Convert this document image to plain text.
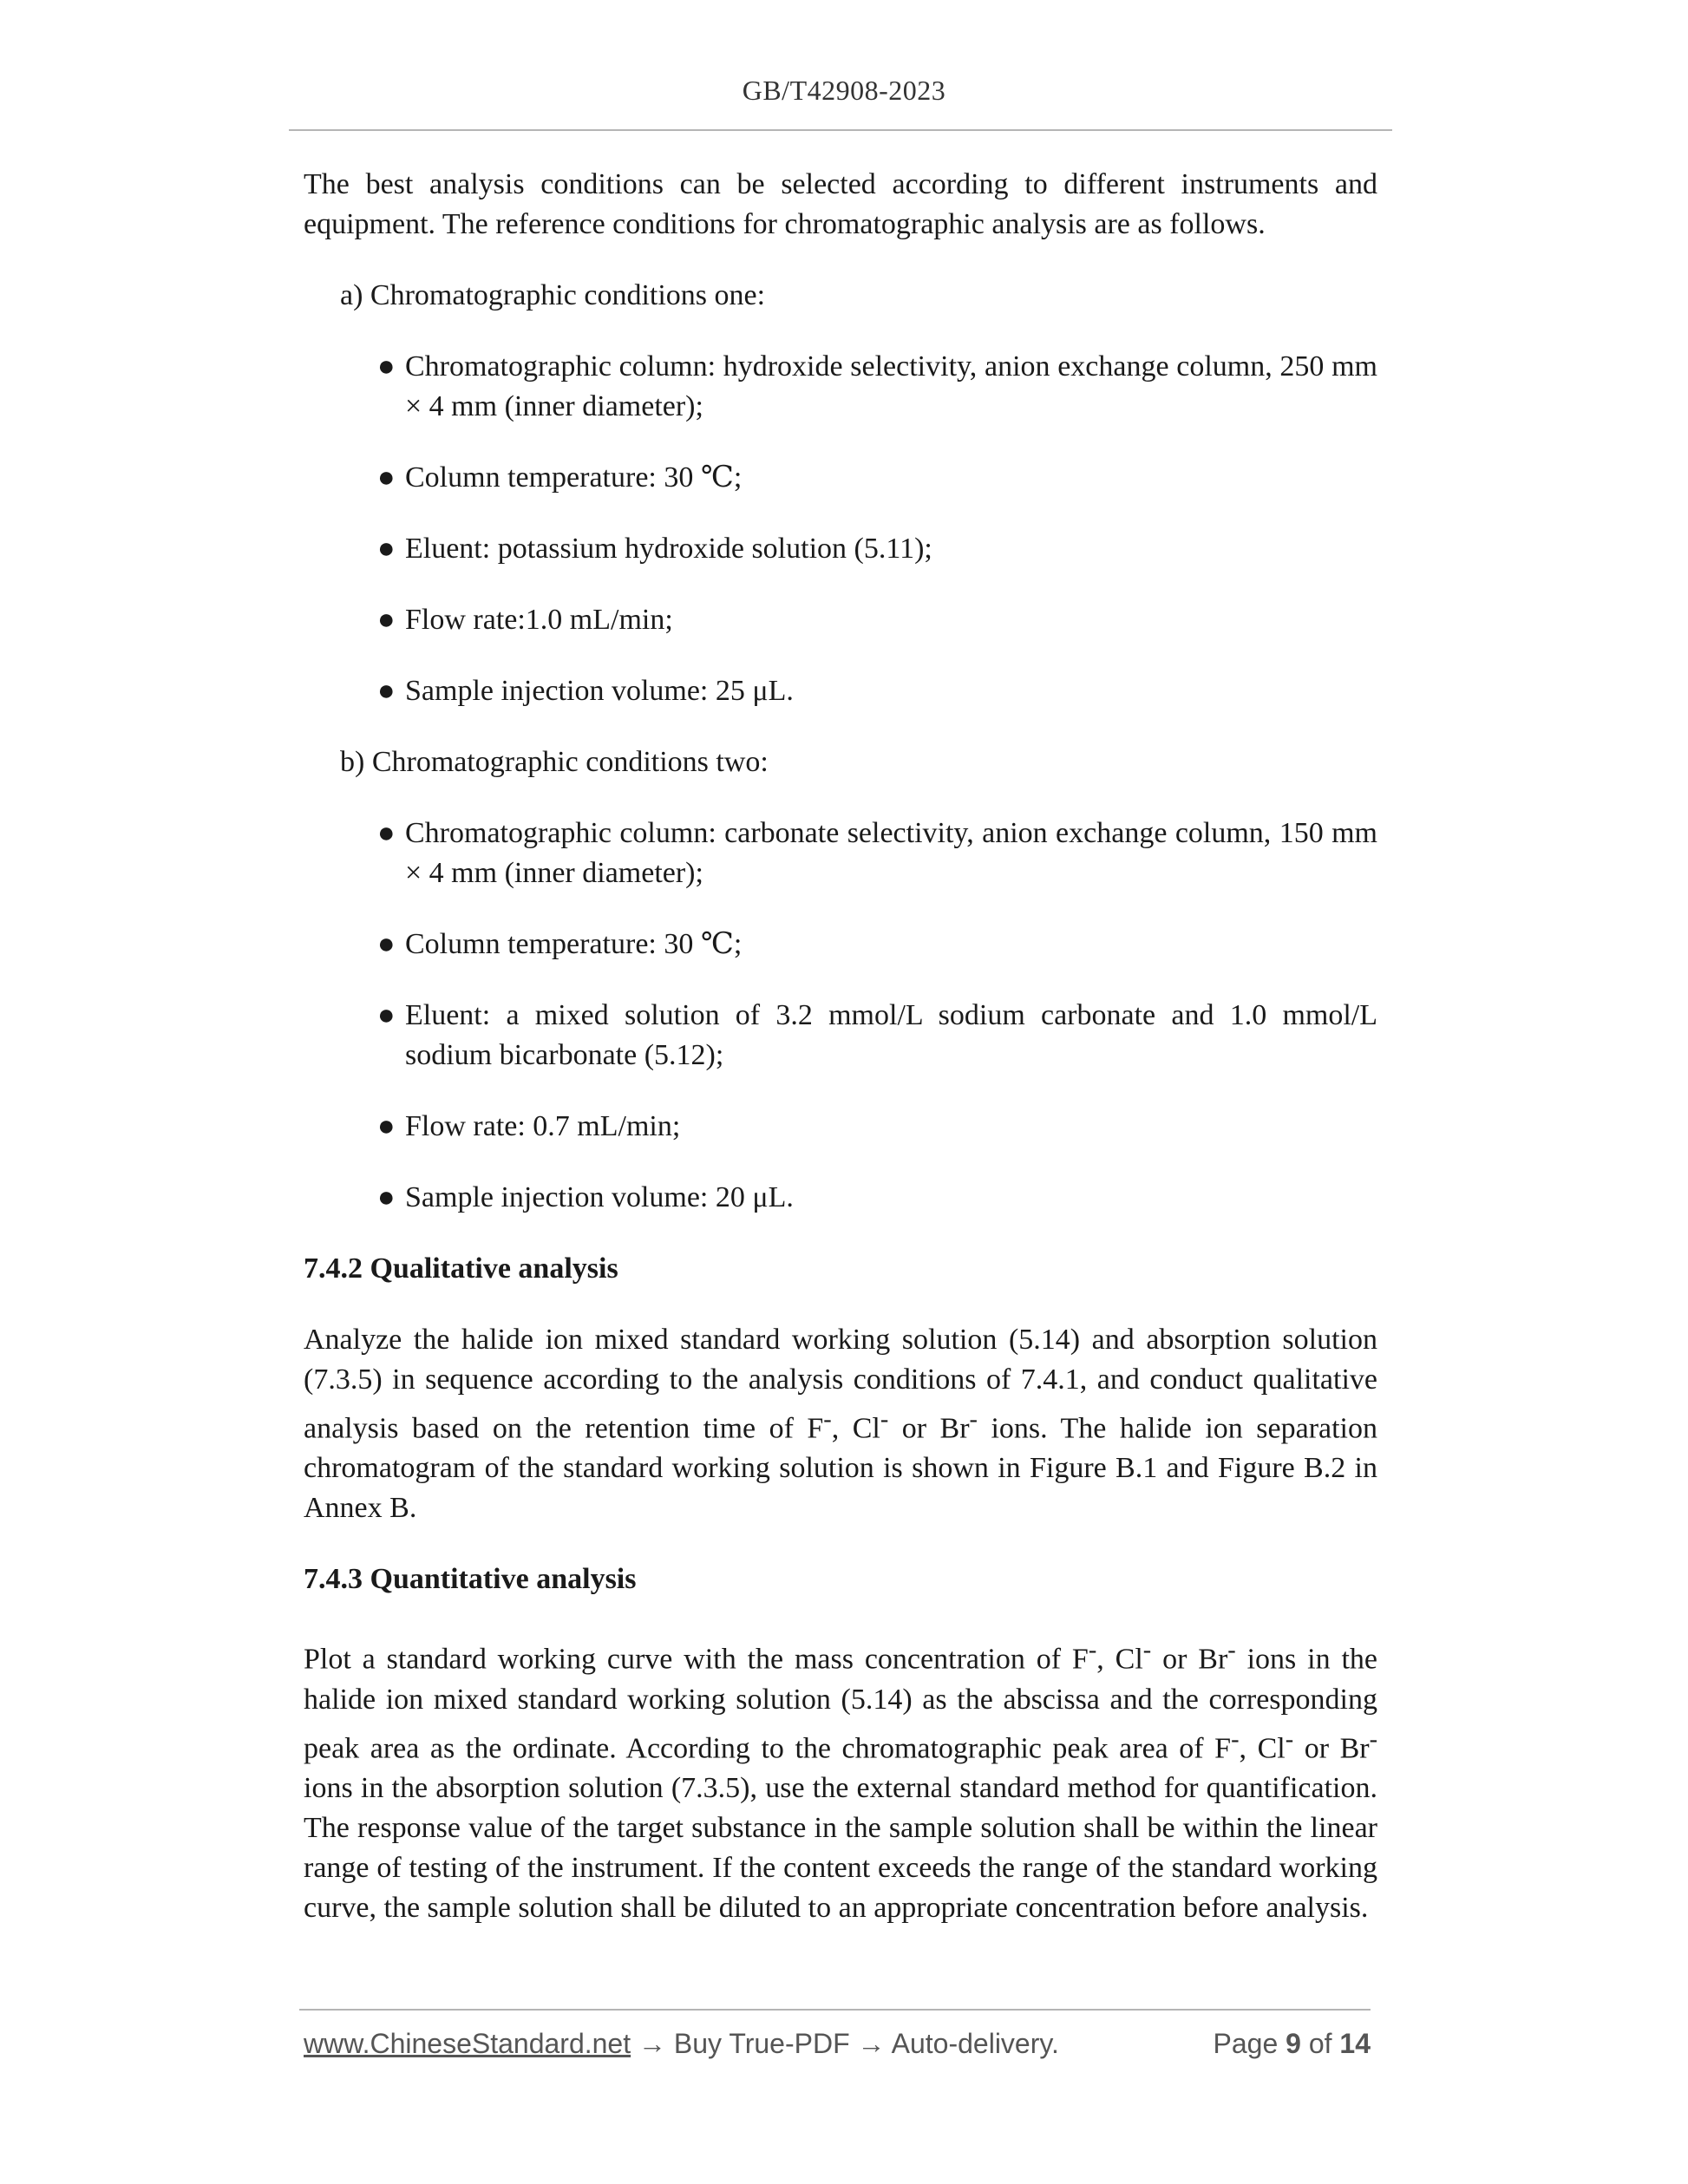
GB/T42908-2023

The best analysis conditions can be selected according to different instruments and equipment. The reference conditions for chromatographic analysis are as follows.

a) Chromatographic conditions one:

● Chromatographic column: hydroxide selectivity, anion exchange column, 250 mm × 4 mm (inner diameter);
● Column temperature: 30 ℃;
● Eluent: potassium hydroxide solution (5.11);
● Flow rate:1.0 mL/min;
● Sample injection volume: 25 μL.

b) Chromatographic conditions two:

● Chromatographic column: carbonate selectivity, anion exchange column, 150 mm × 4 mm (inner diameter);
● Column temperature: 30 ℃;
● Eluent: a mixed solution of 3.2 mmol/L sodium carbonate and 1.0 mmol/L sodium bicarbonate (5.12);
● Flow rate: 0.7 mL/min;
● Sample injection volume: 20 μL.

7.4.2 Qualitative analysis

Analyze the halide ion mixed standard working solution (5.14) and absorption solution (7.3.5) in sequence according to the analysis conditions of 7.4.1, and conduct qualitative analysis based on the retention time of F-, Cl- or Br- ions. The halide ion separation chromatogram of the standard working solution is shown in Figure B.1 and Figure B.2 in Annex B.

7.4.3 Quantitative analysis

Plot a standard working curve with the mass concentration of F-, Cl- or Br- ions in the halide ion mixed standard working solution (5.14) as the abscissa and the corresponding peak area as the ordinate. According to the chromatographic peak area of F-, Cl- or Br- ions in the absorption solution (7.3.5), use the external standard method for quantification. The response value of the target substance in the sample solution shall be within the linear range of testing of the instrument. If the content exceeds the range of the standard working curve, the sample solution shall be diluted to an appropriate concentration before analysis.

www.ChineseStandard.net → Buy True-PDF → Auto-delivery.	Page 9 of 14
